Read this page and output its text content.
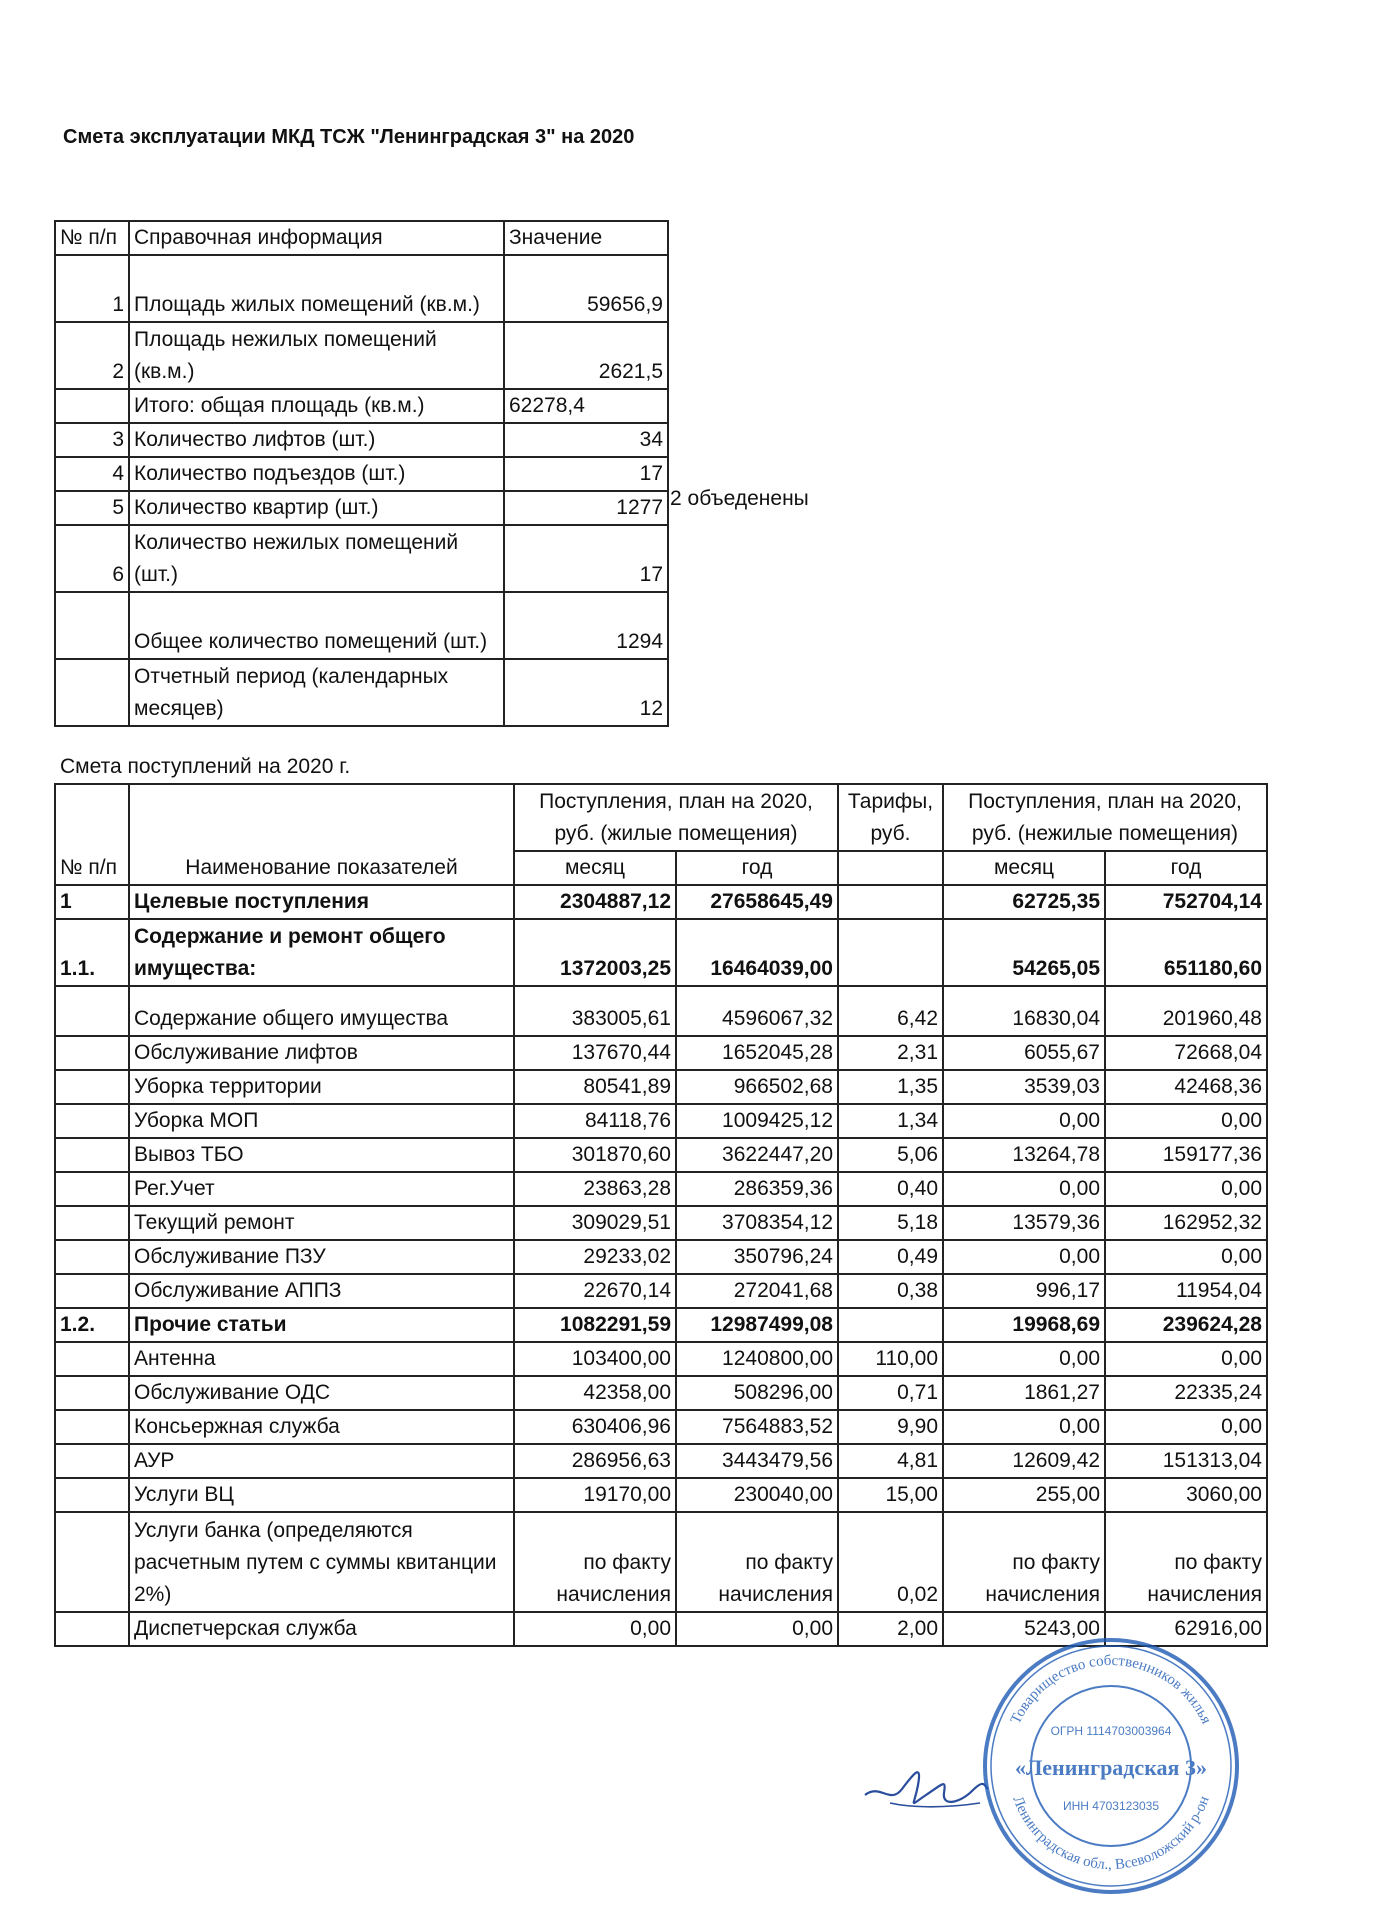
Смета эксплуатации МКД ТСЖ "Ленинградская 3" на 2020
№ п/п	Справочная информация	Значение
1	Площадь жилых помещений (кв.м.)	59656,9
2	Площадь нежилых помещений (кв.м.)	2621,5
	Итого: общая площадь (кв.м.)	62278,4
3	Количество лифтов (шт.)	34
4	Количество подъездов (шт.)	17
5	Количество квартир (шт.)	1277
6	Количество нежилых помещений (шт.)	17
	Общее количество помещений (шт.)	1294
	Отчетный период (календарных месяцев)	12
2 объеденены
Смета поступлений на 2020 г.
№ п/п	Наименование показателей	Поступления, план на 2020, руб. (жилые помещения)		Тарифы, руб.	Поступления, план на 2020, руб. (нежилые помещения)	
		месяц	год		месяц	год
1	Целевые поступления	2304887,12	27658645,49		62725,35	752704,14
1.1.	Содержание и ремонт общего имущества:	1372003,25	16464039,00		54265,05	651180,60
	Содержание общего имущества	383005,61	4596067,32	6,42	16830,04	201960,48
	Обслуживание лифтов	137670,44	1652045,28	2,31	6055,67	72668,04
	Уборка территории	80541,89	966502,68	1,35	3539,03	42468,36
	Уборка МОП	84118,76	1009425,12	1,34	0,00	0,00
	Вывоз ТБО	301870,60	3622447,20	5,06	13264,78	159177,36
	Рег.Учет	23863,28	286359,36	0,40	0,00	0,00
	Текущий ремонт	309029,51	3708354,12	5,18	13579,36	162952,32
	Обслуживание ПЗУ	29233,02	350796,24	0,49	0,00	0,00
	Обслуживание АППЗ	22670,14	272041,68	0,38	996,17	11954,04
1.2.	Прочие статьи	1082291,59	12987499,08		19968,69	239624,28
	Антенна	103400,00	1240800,00	110,00	0,00	0,00
	Обслуживание ОДС	42358,00	508296,00	0,71	1861,27	22335,24
	Консьержная служба	630406,96	7564883,52	9,90	0,00	0,00
	АУР	286956,63	3443479,56	4,81	12609,42	151313,04
	Услуги ВЦ	19170,00	230040,00	15,00	255,00	3060,00
	Услуги банка (определяются расчетным путем с суммы квитанции 2%)	по факту начисления	по факту начисления	0,02	по факту начисления	по факту начисления
	Диспетчерская служба	0,00	0,00	2,00	5243,00	62916,00
Товарищество собственников жилья
Ленинградская обл., Всеволожский р-он
ОГРН 1114703003964
«Ленинградская 3»
ИНН 4703123035
